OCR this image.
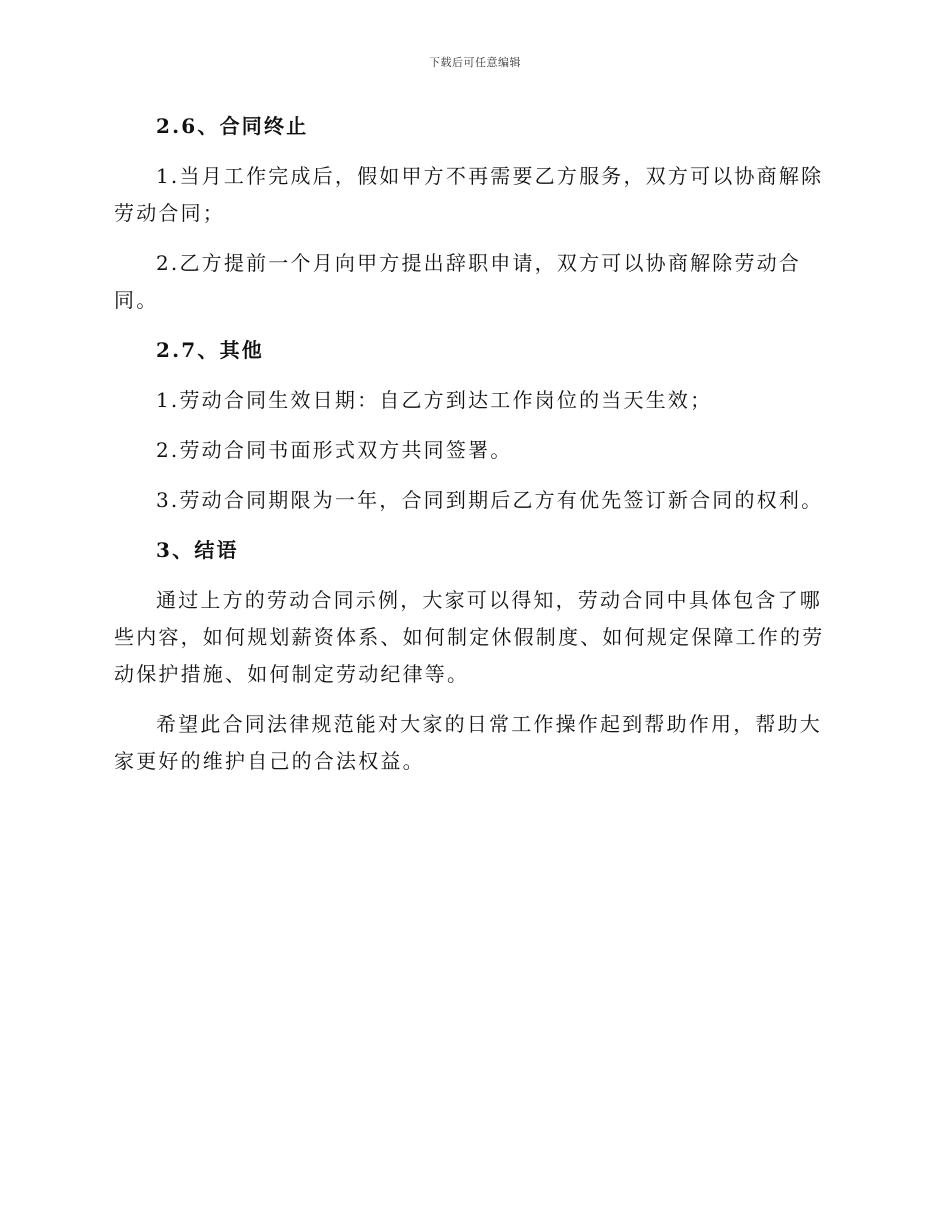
下载后可任意编辑
2.6、合同终止

1.当月工作完成后，假如甲方不再需要乙方服务，双方可以协商解除劳动合同；

2.乙方提前一个月向甲方提出辞职申请，双方可以协商解除劳动合同。

2.7、其他

1.劳动合同生效日期：自乙方到达工作岗位的当天生效；

2.劳动合同书面形式双方共同签署。

3.劳动合同期限为一年，合同到期后乙方有优先签订新合同的权利。

3、结语

通过上方的劳动合同示例，大家可以得知，劳动合同中具体包含了哪些内容，如何规划薪资体系、如何制定休假制度、如何规定保障工作的劳动保护措施、如何制定劳动纪律等。

希望此合同法律规范能对大家的日常工作操作起到帮助作用，帮助大家更好的维护自己的合法权益。
